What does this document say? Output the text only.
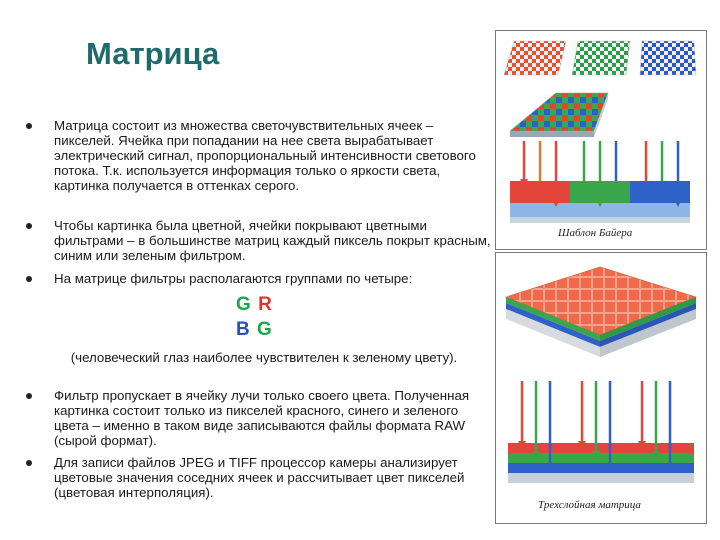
Матрица
Матрица состоит из множества светочувствительных ячеек – пикселей. Ячейка при попадании на нее света вырабатывает электрический сигнал, пропорциональный интенсивности светового потока. Т.к. используется информация только о яркости света, картинка получается в оттенках серого.
Чтобы картинка была цветной, ячейки покрывают цветными фильтрами – в большинстве матриц каждый пиксель покрыт красным, синим или зеленым фильтром.
На матрице фильтры располагаются группами по четыре:
G R
B G
(человеческий глаз наиболее чувствителен к зеленому цвету).
Фильтр пропускает в ячейку лучи только своего цвета. Полученная картинка состоит только из пикселей красного, синего и зеленого цвета – именно в таком виде записываются файлы формата RAW (сырой формат).
Для записи файлов JPEG и TIFF процессор камеры анализирует цветовые значения соседних ячеек и рассчитывает цвет пикселей (цветовая интерполяция).
Шаблон Байера
Трехслойная матрица
